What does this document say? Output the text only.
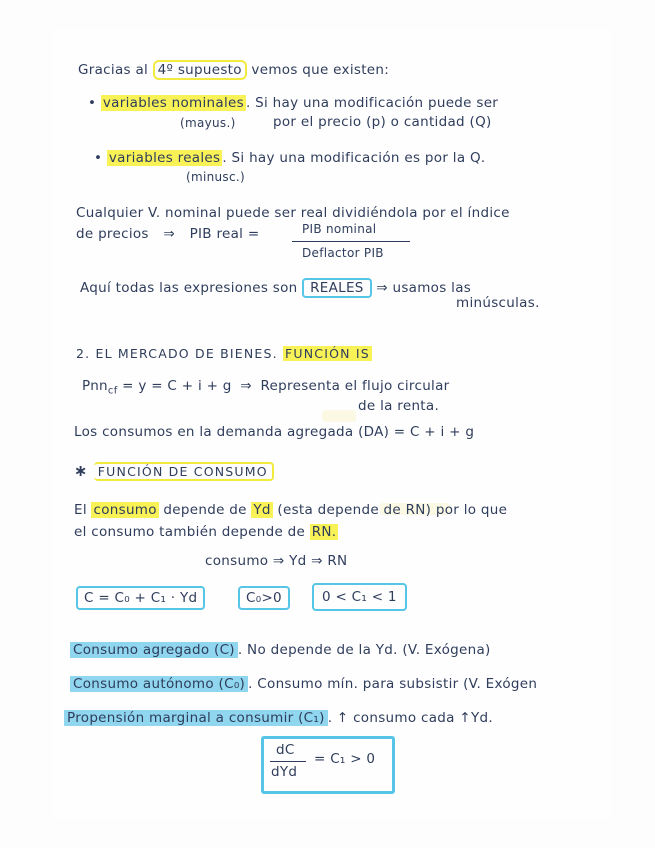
Gracias al 4º supuesto vemos que existen:
• variables nominales . Si hay una modificación puede ser
(mayus.)	por el precio (p) o cantidad (Q)
• variables reales . Si hay una modificación es por la Q.
(minusc.)
Cualquier V. nominal puede ser real dividiéndola por el índice
de precios ⇒ PIB real =	PIB nominal
Deflactor PIB
Aquí todas las expresiones son REALES ⇒ usamos las
minúsculas.
2. EL MERCADO DE BIENES. FUNCIÓN IS
Pnn$_{cf}$ = y = C + i + g ⇒ Representa el flujo circular
de la renta.
Los consumos en la demanda agregada (DA) = C + i + g
∗ FUNCIÓN DE CONSUMO
El consumo depende de Yd (esta depende de RN) por lo que
el consumo también depende de RN.
consumo ⇒ Yd ⇒ RN
C = C₀ + C₁ · Yd	C₀>0	0 < C₁ < 1
Consumo agregado (C) . No depende de la Yd. (V. Exógena)
Consumo autónomo (C₀) . Consumo mín. para subsistir (V. Exógen
Propensión marginal a consumir (C₁) . ↑ consumo cada ↑Yd.
dC
dYd
= C₁ > 0
